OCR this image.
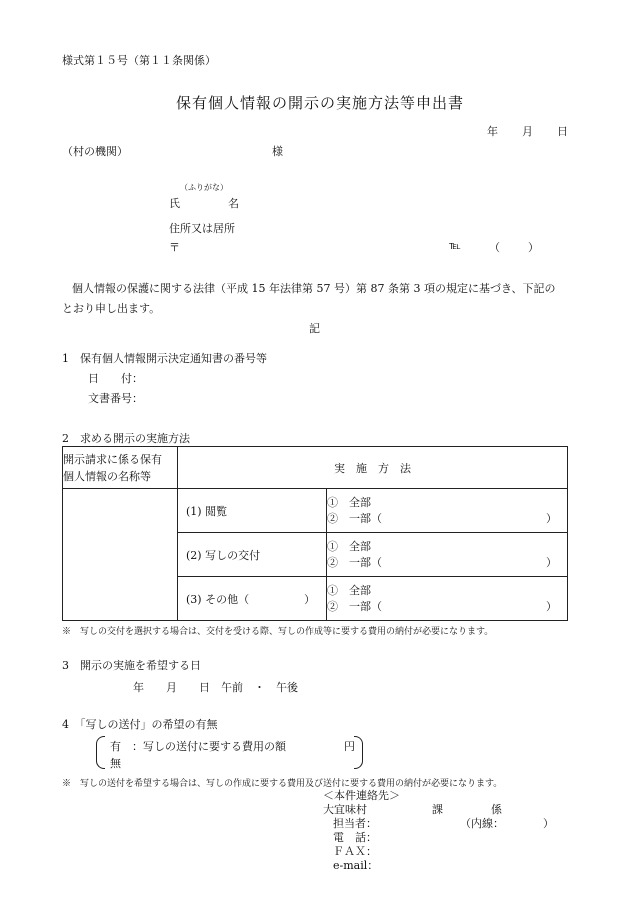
様式第１５号（第１１条関係）
保有個人情報の開示の実施方法等申出書
年 月 日
（村の機関）	様
（ふりがな）
氏	名
住所又は居所
〒	℡	（	）
個人情報の保護に関する法律（平成 15 年法律第 57 号）第 87 条第 3 項の規定に基づき、下記の
とおり申し出ます。
記
1　保有個人情報開示決定通知書の番号等
日　　付：
文書番号：
2　求める開示の実施方法
開示請求に係る保有
個人情報の名称等	実　施　方　法	
	(1) 閲覧	①　全部
②　一部（ ）

	(2) 写しの交付	①　全部
②　一部（ ）

	(3) その他（　　　　　）	①　全部
②　一部（ ）
※　写しの交付を選択する場合は、交付を受ける際、写しの作成等に要する費用の納付が必要になります。
3　開示の実施を希望する日
年　　月　　日　午前　・　午後
4　「写しの送付」の希望の有無
有　：写しの送付に要する費用の額	円
無
※　写しの送付を希望する場合は、写しの作成に要する費用及び送付に要する費用の納付が必要になります。
＜本件連絡先＞
大宜味村	課	係
担当者：	（内線：	）
電　話：
ＦＡＸ：
e-mail：
